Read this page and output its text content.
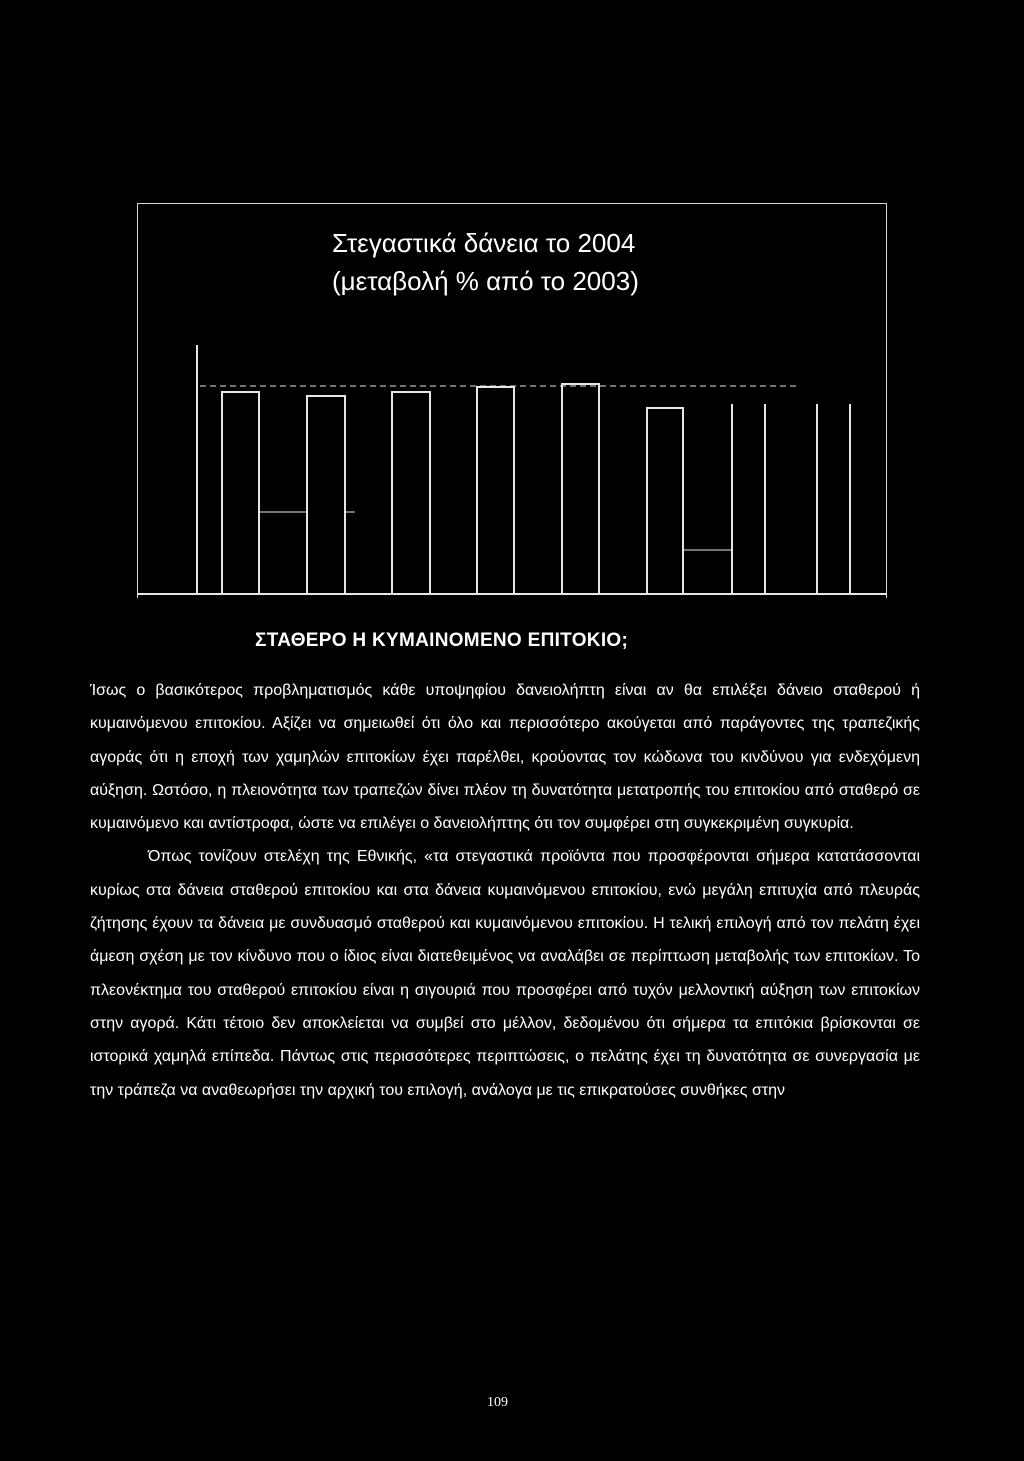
Στεγαστικά δάνεια το 2004
(μεταβολή % από το 2003)
ΣΤΑΘΕΡΟ Η ΚΥΜΑΙΝΟΜΕΝΟ ΕΠΙΤΟΚΙΟ;

Ίσως ο βασικότερος προβληματισμός κάθε υποψηφίου δανειολήπτη είναι αν θα επιλέξει δάνειο σταθερού ή κυμαινόμενου επιτοκίου. Αξίζει να σημειωθεί ότι όλο και περισσότερο ακούγεται από παράγοντες της τραπεζικής αγοράς ότι η εποχή των χαμηλών επιτοκίων έχει παρέλθει, κρούοντας τον κώδωνα του κινδύνου για ενδεχόμενη αύξηση. Ωστόσο, η πλειονότητα των τραπεζών δίνει πλέον τη δυνατότητα μετατροπής του επιτοκίου από σταθερό σε κυμαινόμενο και αντίστροφα, ώστε να επιλέγει ο δανειολήπτης ότι τον συμφέρει στη συγκεκριμένη συγκυρία.

Όπως τονίζουν στελέχη της Εθνικής, «τα στεγαστικά προϊόντα που προσφέρονται σήμερα κατατάσσονται κυρίως στα δάνεια σταθερού επιτοκίου και στα δάνεια κυμαινόμενου επιτοκίου, ενώ μεγάλη επιτυχία από πλευράς ζήτησης έχουν τα δάνεια με συνδυασμό σταθερού και κυμαινόμενου επιτοκίου. Η τελική επιλογή από τον πελάτη έχει άμεση σχέση με τον κίνδυνο που ο ίδιος είναι διατεθειμένος να αναλάβει σε περίπτωση μεταβολής των επιτοκίων. Το πλεονέκτημα του σταθερού επιτοκίου είναι η σιγουριά που προσφέρει από τυχόν μελλοντική αύξηση των επιτοκίων στην αγορά. Κάτι τέτοιο δεν αποκλείεται να συμβεί στο μέλλον, δεδομένου ότι σήμερα τα επιτόκια βρίσκονται σε ιστορικά χαμηλά επίπεδα. Πάντως στις περισσότερες περιπτώσεις, ο πελάτης έχει τη δυνατότητα σε συνεργασία με την τράπεζα να αναθεωρήσει την αρχική του επιλογή, ανάλογα με τις επικρατούσες συνθήκες στην

109
